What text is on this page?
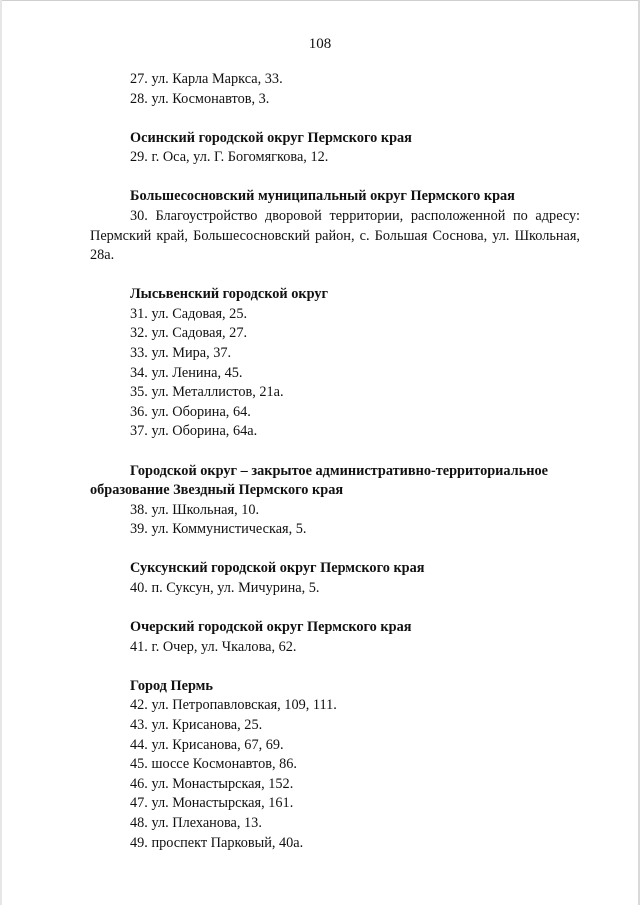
108
27. ул. Карла Маркса, 33.
28. ул. Космонавтов, 3.
Осинский городской округ Пермского края
29. г. Оса, ул. Г. Богомягкова, 12.
Большесосновский муниципальный округ Пермского края
30. Благоустройство дворовой территории, расположенной по адресу: Пермский край, Большесосновский район, с. Большая Соснова, ул. Школьная, 28а.
Лысьвенский городской округ
31. ул. Садовая, 25.
32. ул. Садовая, 27.
33. ул. Мира, 37.
34. ул. Ленина, 45.
35. ул. Металлистов, 21а.
36. ул. Оборина, 64.
37. ул. Оборина, 64а.
Городской округ – закрытое административно-территориальное образование Звездный Пермского края
38. ул. Школьная, 10.
39. ул. Коммунистическая, 5.
Суксунский городской округ Пермского края
40. п. Суксун, ул. Мичурина, 5.
Очерский городской округ Пермского края
41. г. Очер, ул. Чкалова, 62.
Город Пермь
42. ул. Петропавловская, 109, 111.
43. ул. Крисанова, 25.
44. ул. Крисанова, 67, 69.
45. шоссе Космонавтов, 86.
46. ул. Монастырская, 152.
47. ул. Монастырская, 161.
48. ул. Плеханова, 13.
49. проспект Парковый, 40а.
